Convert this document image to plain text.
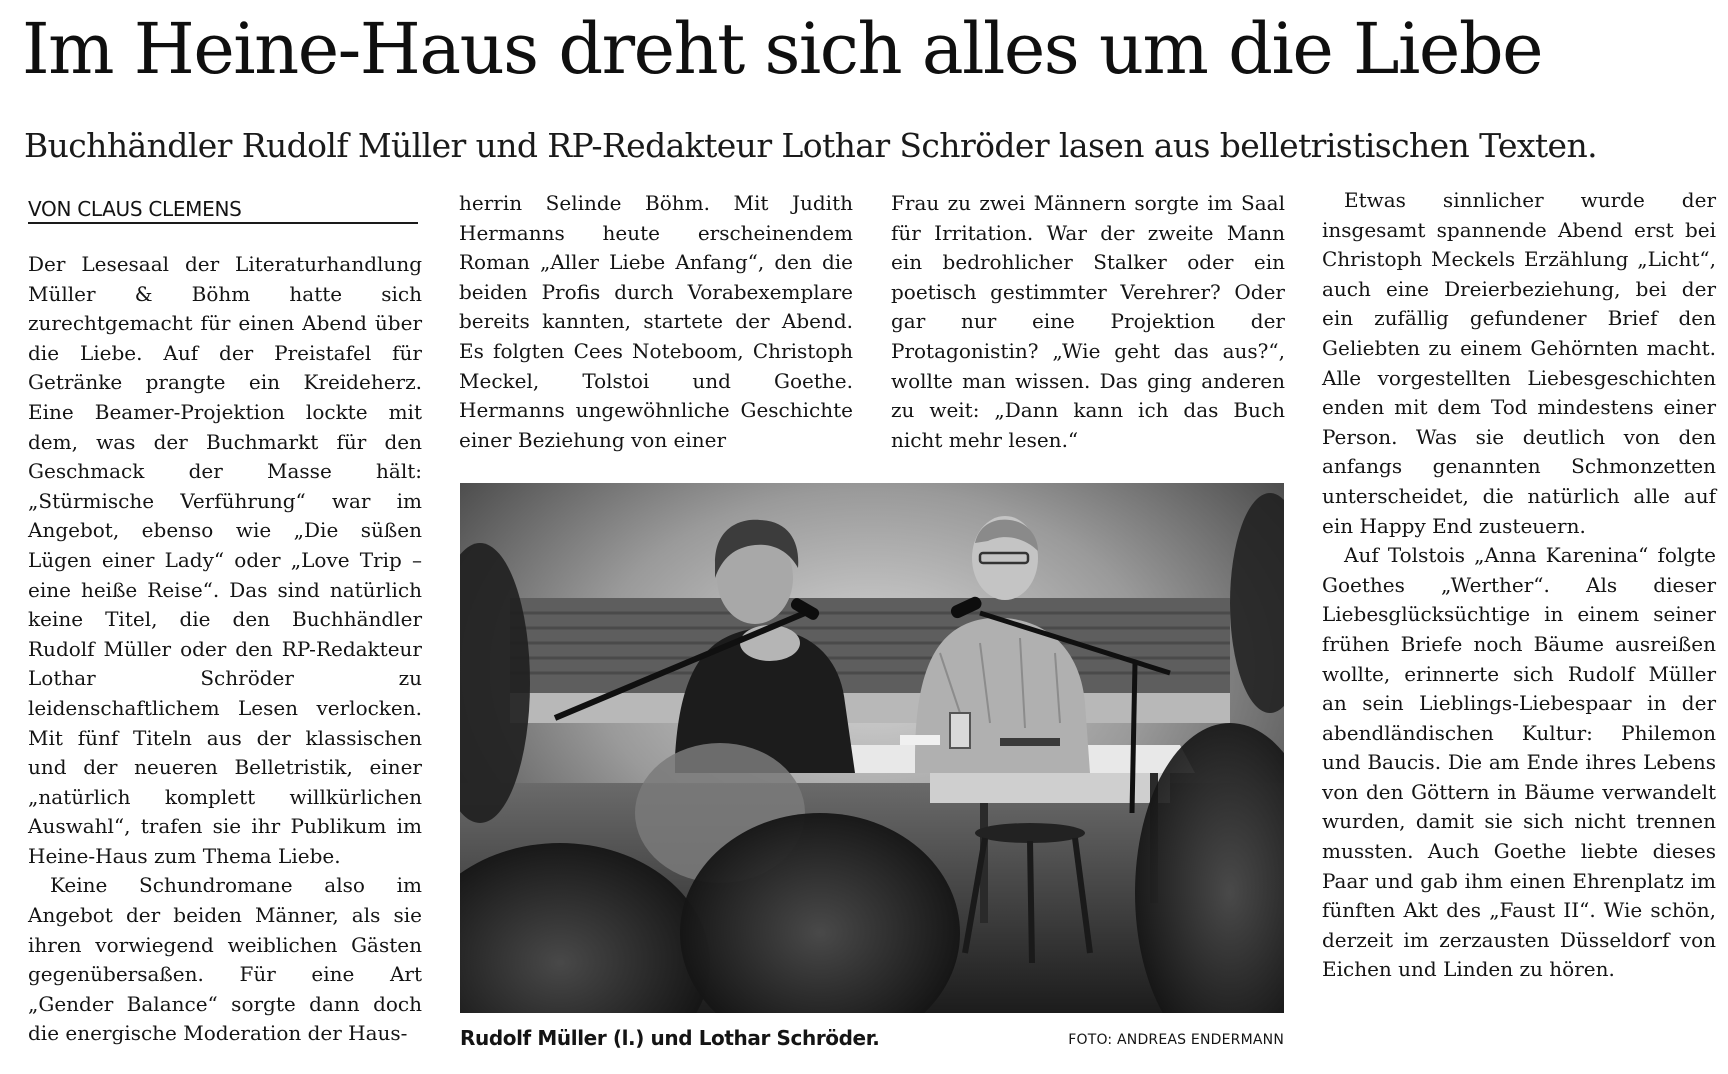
Im Heine-Haus dreht sich alles um die Liebe
Buchhändler Rudolf Müller und RP-Redakteur Lothar Schröder lasen aus belletristischen Texten.
VON CLAUS CLEMENS

Der Lesesaal der Literaturhandlung Müller & Böhm hatte sich zurechtgemacht für einen Abend über die Liebe. Auf der Preistafel für Getränke prangte ein Kreideherz. Eine Beamer-Projektion lockte mit dem, was der Buchmarkt für den Geschmack der Masse hält: „Stürmische Verführung“ war im Angebot, ebenso wie „Die süßen Lügen einer Lady“ oder „Love Trip – eine heiße Reise“. Das sind natürlich keine Titel, die den Buchhändler Rudolf Müller oder den RP-Redakteur Lothar Schröder zu leidenschaftlichem Lesen verlocken. Mit fünf Titeln aus der klassischen und der neueren Belletristik, einer „natürlich komplett willkürlichen Auswahl“, trafen sie ihr Publikum im Heine-Haus zum Thema Liebe.

Keine Schundromane also im Angebot der beiden Männer, als sie ihren vorwiegend weiblichen Gästen gegenübersaßen. Für eine Art „Gender Balance“ sorgte dann doch die energische Moderation der Haus-

herrin Selinde Böhm. Mit Judith Hermanns heute erscheinendem Roman „Aller Liebe Anfang“, den die beiden Profis durch Vorabexemplare bereits kannten, startete der Abend. Es folgten Cees Noteboom, Christoph Meckel, Tolstoi und Goethe. Hermanns ungewöhnliche Geschichte einer Beziehung von einer

Frau zu zwei Männern sorgte im Saal für Irritation. War der zweite Mann ein bedrohlicher Stalker oder ein poetisch gestimmter Verehrer? Oder gar nur eine Projektion der Protagonistin? „Wie geht das aus?“, wollte man wissen. Das ging anderen zu weit: „Dann kann ich das Buch nicht mehr lesen.“

Etwas sinnlicher wurde der insgesamt spannende Abend erst bei Christoph Meckels Erzählung „Licht“, auch eine Dreierbeziehung, bei der ein zufällig gefundener Brief den Geliebten zu einem Gehörnten macht. Alle vorgestellten Liebesgeschichten enden mit dem Tod mindestens einer Person. Was sie deutlich von den anfangs genannten Schmonzetten unterscheidet, die natürlich alle auf ein Happy End zusteuern.

Auf Tolstois „Anna Karenina“ folgte Goethes „Werther“. Als dieser Liebesglücksüchtige in einem seiner frühen Briefe noch Bäume ausreißen wollte, erinnerte sich Rudolf Müller an sein Lieblings-Liebespaar in der abendländischen Kultur: Philemon und Baucis. Die am Ende ihres Lebens von den Göttern in Bäume verwandelt wurden, damit sie sich nicht trennen mussten. Auch Goethe liebte dieses Paar und gab ihm einen Ehrenplatz im fünften Akt des „Faust II“. Wie schön, derzeit im zerzausten Düsseldorf von Eichen und Linden zu hören.

Rudolf Müller (l.) und Lothar Schröder.	FOTO: ANDREAS ENDERMANN
